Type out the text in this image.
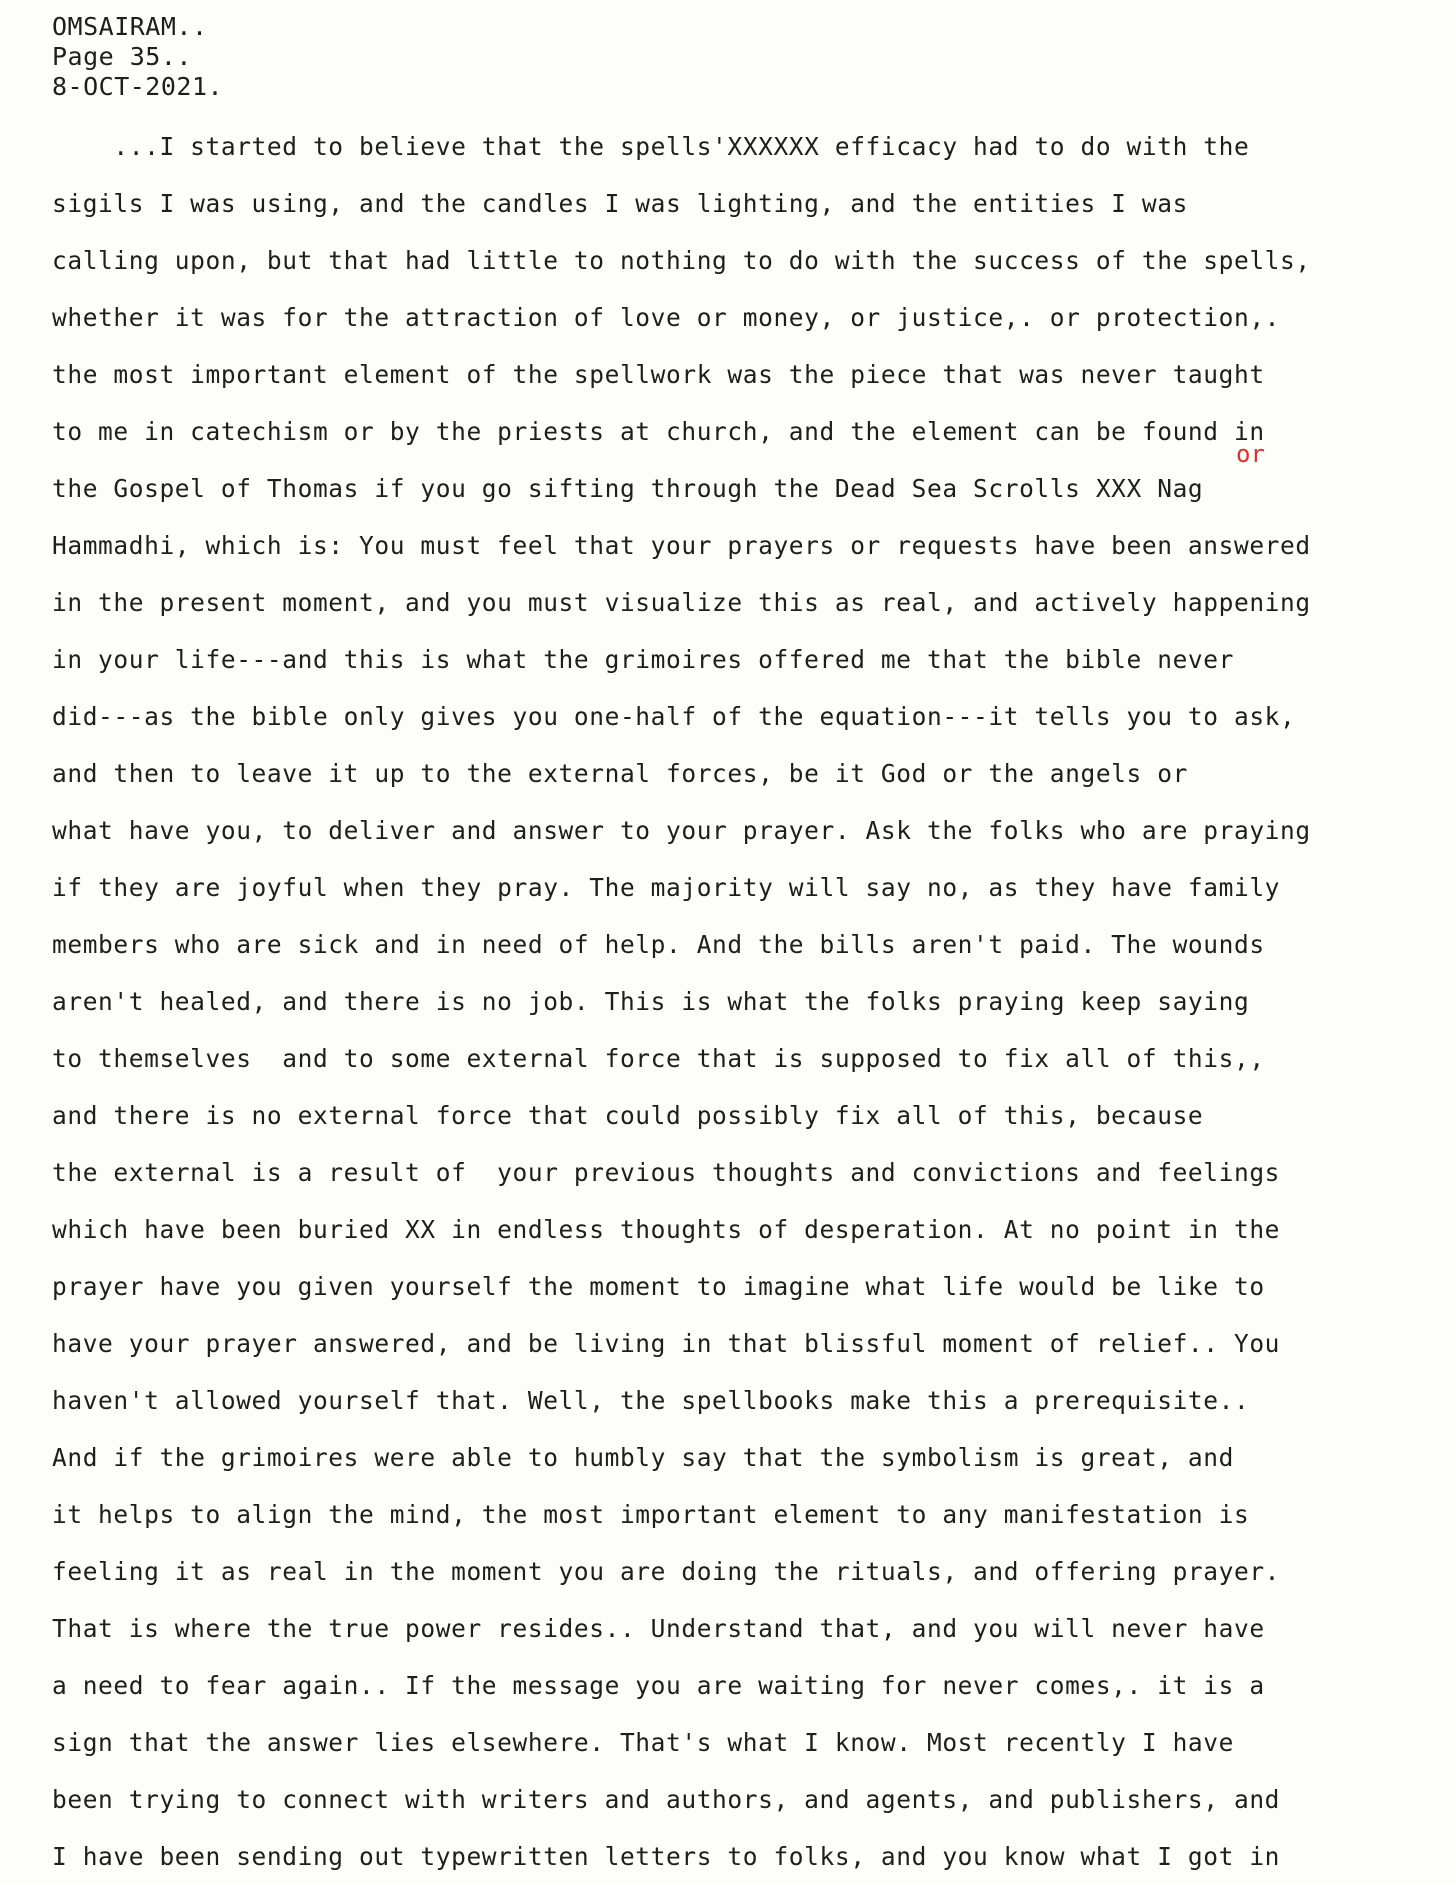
OMSAIRAM..
Page 35..
8-OCT-2021.
or
...I started to believe that the spells'XXXXXX efficacy had to do with the
sigils I was using, and the candles I was lighting, and the entities I was
calling upon, but that had little to nothing to do with the success of the spells,
whether it was for the attraction of love or money, or justice,. or protection,.
the most important element of the spellwork was the piece that was never taught
to me in catechism or by the priests at church, and the element can be found in
the Gospel of Thomas if you go sifting through the Dead Sea Scrolls XXX Nag
Hammadhi, which is: You must feel that your prayers or requests have been answered
in the present moment, and you must visualize this as real, and actively happening
in your life---and this is what the grimoires offered me that the bible never
did---as the bible only gives you one-half of the equation---it tells you to ask,
and then to leave it up to the external forces, be it God or the angels or
what have you, to deliver and answer to your prayer. Ask the folks who are praying
if they are joyful when they pray. The majority will say no, as they have family
members who are sick and in need of help. And the bills aren't paid. The wounds
aren't healed, and there is no job. This is what the folks praying keep saying
to themselves  and to some external force that is supposed to fix all of this,,
and there is no external force that could possibly fix all of this, because
the external is a result of  your previous thoughts and convictions and feelings
which have been buried XX in endless thoughts of desperation. At no point in the
prayer have you given yourself the moment to imagine what life would be like to
have your prayer answered, and be living in that blissful moment of relief.. You
haven't allowed yourself that. Well, the spellbooks make this a prerequisite..
And if the grimoires were able to humbly say that the symbolism is great, and
it helps to align the mind, the most important element to any manifestation is
feeling it as real in the moment you are doing the rituals, and offering prayer.
That is where the true power resides.. Understand that, and you will never have
a need to fear again.. If the message you are waiting for never comes,. it is a
sign that the answer lies elsewhere. That's what I know. Most recently I have
been trying to connect with writers and authors, and agents, and publishers, and
I have been sending out typewritten letters to folks, and you know what I got in
